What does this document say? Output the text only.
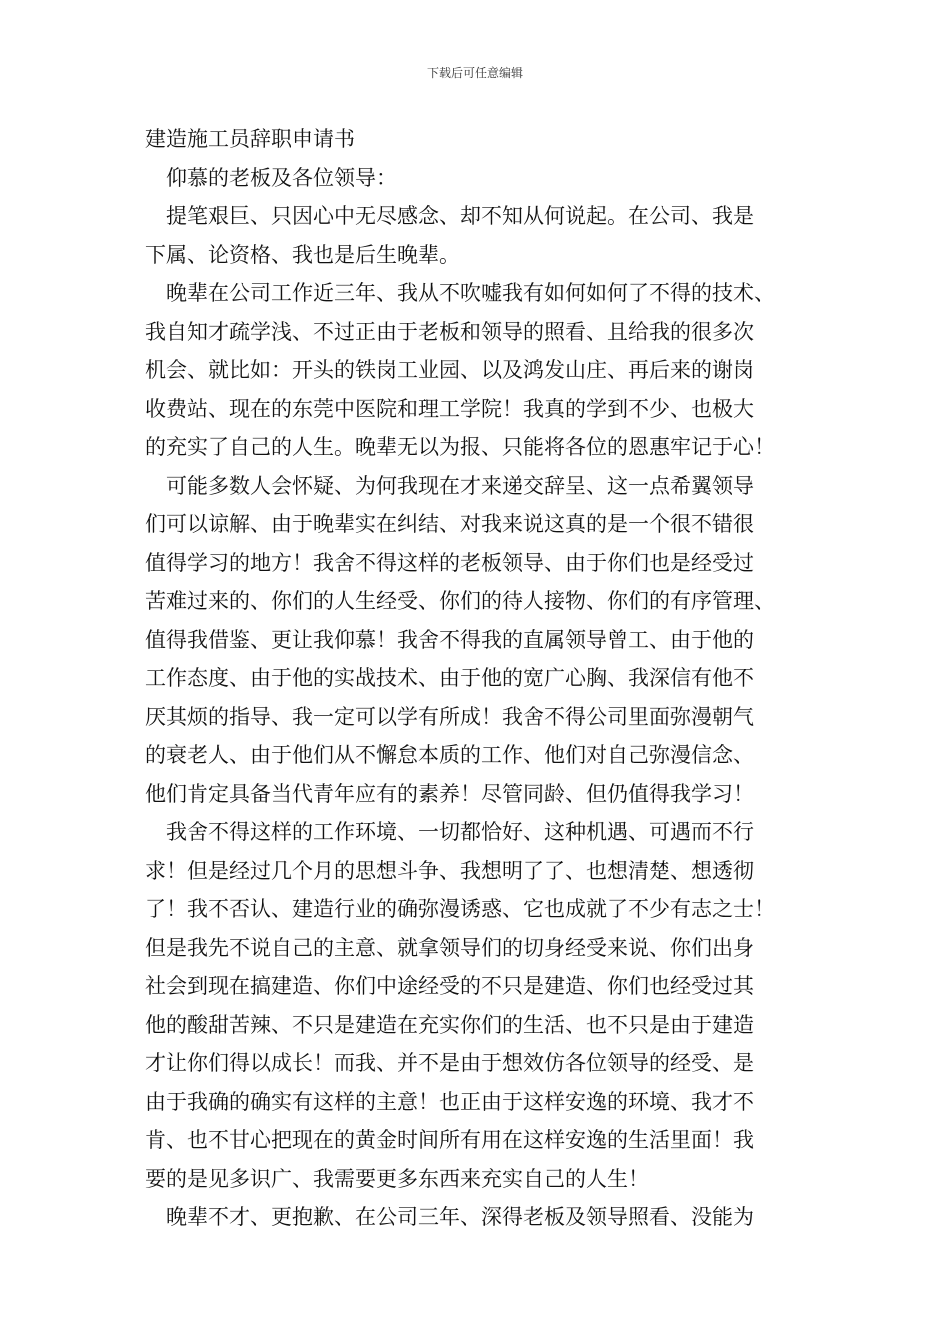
下载后可任意编辑
建造施工员辞职申请书
　仰慕的老板及各位领导：
　提笔艰巨、只因心中无尽感念、却不知从何说起。在公司、我是
下属、论资格、我也是后生晚辈。
　晚辈在公司工作近三年、我从不吹嘘我有如何如何了不得的技术、
我自知才疏学浅、不过正由于老板和领导的照看、且给我的很多次
机会、就比如：开头的铁岗工业园、以及鸿发山庄、再后来的谢岗
收费站、现在的东莞中医院和理工学院！我真的学到不少、也极大
的充实了自己的人生。晚辈无以为报、只能将各位的恩惠牢记于心！
　可能多数人会怀疑、为何我现在才来递交辞呈、这一点希翼领导
们可以谅解、由于晚辈实在纠结、对我来说这真的是一个很不错很
值得学习的地方！我舍不得这样的老板领导、由于你们也是经受过
苦难过来的、你们的人生经受、你们的待人接物、你们的有序管理、
值得我借鉴、更让我仰慕！我舍不得我的直属领导曾工、由于他的
工作态度、由于他的实战技术、由于他的宽广心胸、我深信有他不
厌其烦的指导、我一定可以学有所成！我舍不得公司里面弥漫朝气
的衰老人、由于他们从不懈怠本质的工作、他们对自己弥漫信念、
他们肯定具备当代青年应有的素养！尽管同龄、但仍值得我学习！
　我舍不得这样的工作环境、一切都恰好、这种机遇、可遇而不行
求！但是经过几个月的思想斗争、我想明了了、也想清楚、想透彻
了！我不否认、建造行业的确弥漫诱惑、它也成就了不少有志之士！
但是我先不说自己的主意、就拿领导们的切身经受来说、你们出身
社会到现在搞建造、你们中途经受的不只是建造、你们也经受过其
他的酸甜苦辣、不只是建造在充实你们的生活、也不只是由于建造
才让你们得以成长！而我、并不是由于想效仿各位领导的经受、是
由于我确的确实有这样的主意！也正由于这样安逸的环境、我才不
肯、也不甘心把现在的黄金时间所有用在这样安逸的生活里面！我
要的是见多识广、我需要更多东西来充实自己的人生！
　晚辈不才、更抱歉、在公司三年、深得老板及领导照看、没能为
